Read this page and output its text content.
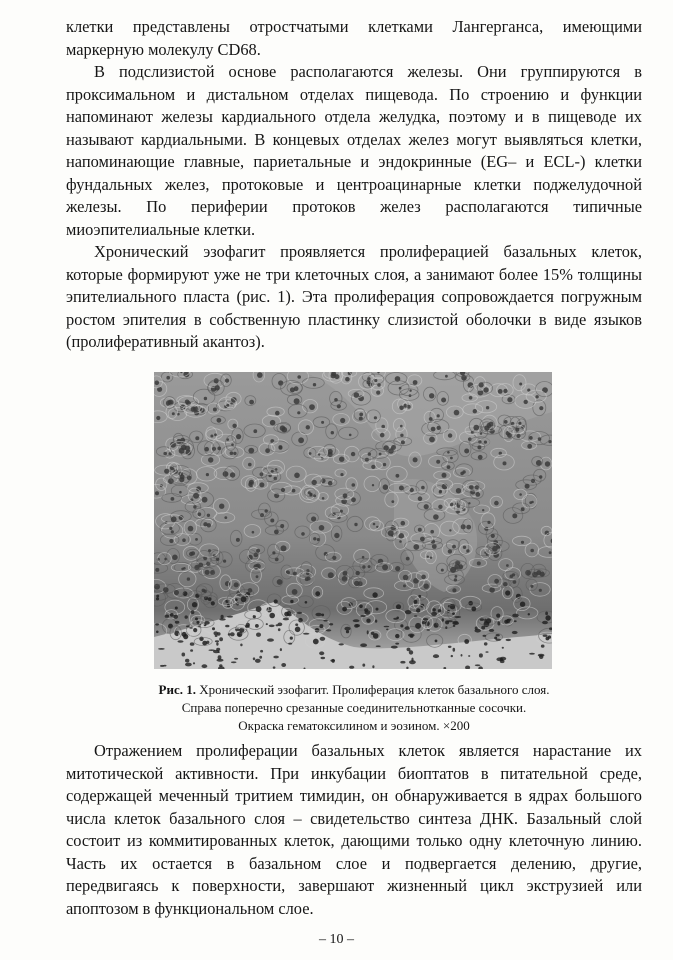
клетки представлены отростчатыми клетками Лангерганса, имеющими маркерную молекулу CD68.

В подслизистой основе располагаются железы. Они группируются в проксимальном и дистальном отделах пищевода. По строению и функции напоминают железы кардиального отдела желудка, поэтому и в пищеводе их называют кардиальными. В концевых отделах желез могут выявляться клетки, напоминающие главные, париетальные и эндокринные (EG– и ECL-) клетки фундальных желез, протоковые и центроацинарные клетки поджелудочной железы. По периферии протоков желез располагаются типичные миоэпителиальные клетки.

Хронический эзофагит проявляется пролиферацией базальных клеток, которые формируют уже не три клеточных слоя, а занимают более 15% толщины эпителиального пласта (рис. 1). Эта пролиферация сопровождается погружным ростом эпителия в собственную пластинку слизистой оболочки в виде языков (пролиферативный акантоз).

Рис. 1. Хронический эзофагит. Пролиферация клеток базального слоя.
Справа поперечно срезанные соединительнотканные сосочки.
Окраска гематоксилином и эозином. ×200

Отражением пролиферации базальных клеток является нарастание их митотической активности. При инкубации биоптатов в питательной среде, содержащей меченный тритием тимидин, он обнаруживается в ядрах большого числа клеток базального слоя – свидетельство синтеза ДНК. Базальный слой состоит из коммитированных клеток, дающими только одну клеточную линию. Часть их остается в базальном слое и подвергается делению, другие, передвигаясь к поверхности, завершают жизненный цикл экструзией или апоптозом в функциональном слое.

– 10 –
